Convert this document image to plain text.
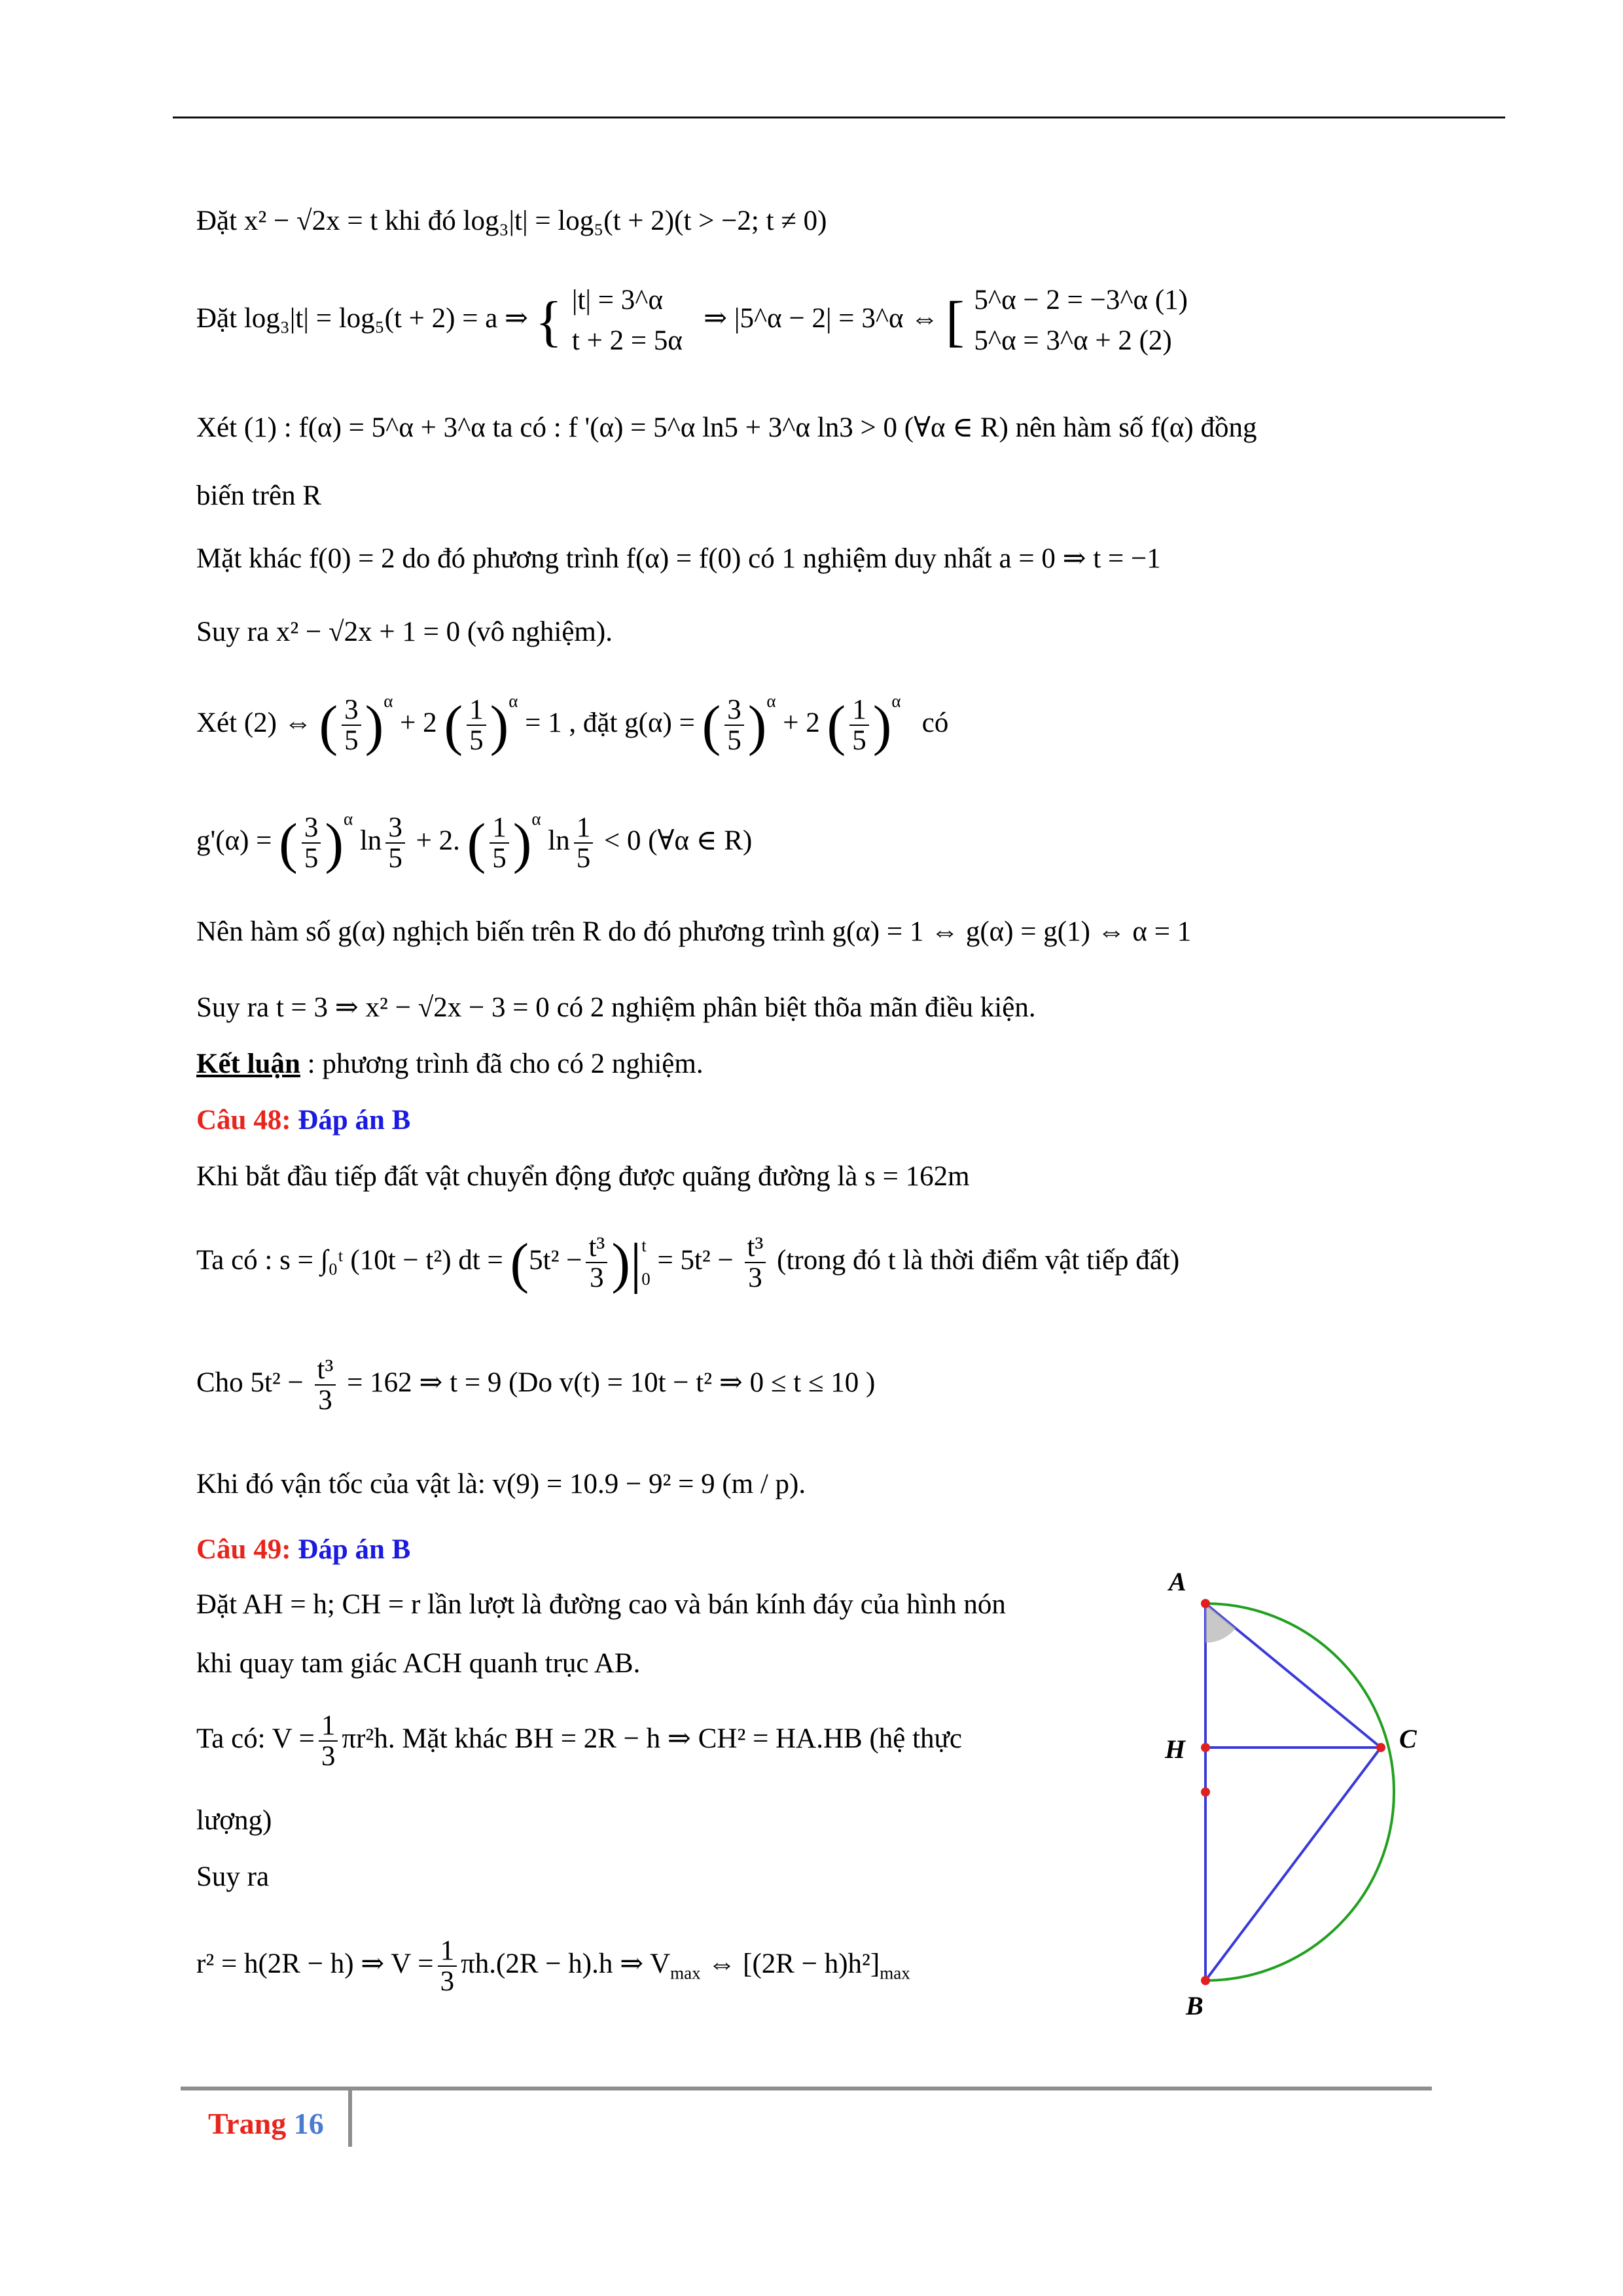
Đặt x² − √2x = t khi đó log₃|t| = log₅(t + 2)(t > −2; t ≠ 0)
Đặt log₃|t| = log₅(t + 2) = a ⇒ { |t| = 3^α
t + 2 = 5α
⇒ |5^α − 2| = 3^α ⇔ [ 5^α − 2 = −3^α (1)
5^α = 3^α + 2 (2)
Xét (1) : f(α) = 5^α + 3^α ta có : f '(α) = 5^α ln5 + 3^α ln3 > 0 (∀α ∈ R) nên hàm số f(α) đồng
biến trên R
Mặt khác f(0) = 2 do đó phương trình f(α) = f(0) có 1 nghiệm duy nhất a = 0 ⇒ t = −1
Suy ra x² − √2x + 1 = 0 (vô nghiệm).
Xét (2) ⇔ ( $\frac{3}{5} )^\alpha + 2$ ( $\frac{1}{5} )^\alpha = 1$ , đặt g(α) = ( $\frac{3}{5} )^\alpha + 2$ ( $\frac{1}{5} )^\alpha$   có
g'(α) = ( $\frac{3}{5} )^\alpha$ $\ln \frac{3}{5} + 2$. ( $\frac{1}{5} )^\alpha$ $\ln \frac{1}{5} < 0$ (∀α ∈ R)
Nên hàm số g(α) nghịch biến trên R do đó phương trình g(α) = 1 ⇔ g(α) = g(1) ⇔ α = 1
Suy ra t = 3 ⇒ x² − √2x − 3 = 0 có 2 nghiệm phân biệt thõa mãn điều kiện.
Kết luận : phương trình đã cho có 2 nghiệm.
Câu 48: Đáp án B
Khi bắt đầu tiếp đất vật chuyển động được quãng đường là s = 162m
Ta có : s = ∫₀ᵗ (10t − t²) dt = ($5t^2 - \frac{\text{t³}}{3}$ )| t
0
= $5t^2 - \frac{\text{t³}}{3}$ (trong đó t là thời điểm vật tiếp đất)
Cho $5t^2 - \frac{\text{t³}}{3} = 162$ ⇒ t = 9 (Do v(t) = 10t − t² ⇒ 0 ≤ t ≤ 10 )
Khi đó vận tốc của vật là: v(9) = 10.9 − 9² = 9 (m / p).
Câu 49: Đáp án B
Đặt AH = h; CH = r lần lượt là đường cao và bán kính đáy của hình nón
khi quay tam giác ACH quanh trục AB.
Ta có: $V = \frac{1}{3} \pi r^2h$. Mặt khác BH = 2R − h ⇒ CH² = HA.HB (hệ thực
lượng)
Suy ra
r² = h(2R − h) ⇒ $V = \frac{1}{3} \pi h.(2R - h).h$ ⇒ $V_{max}$ ⇔ $[(2R - h)h^2]_{max}$
A
H	C
B
Trang 16
